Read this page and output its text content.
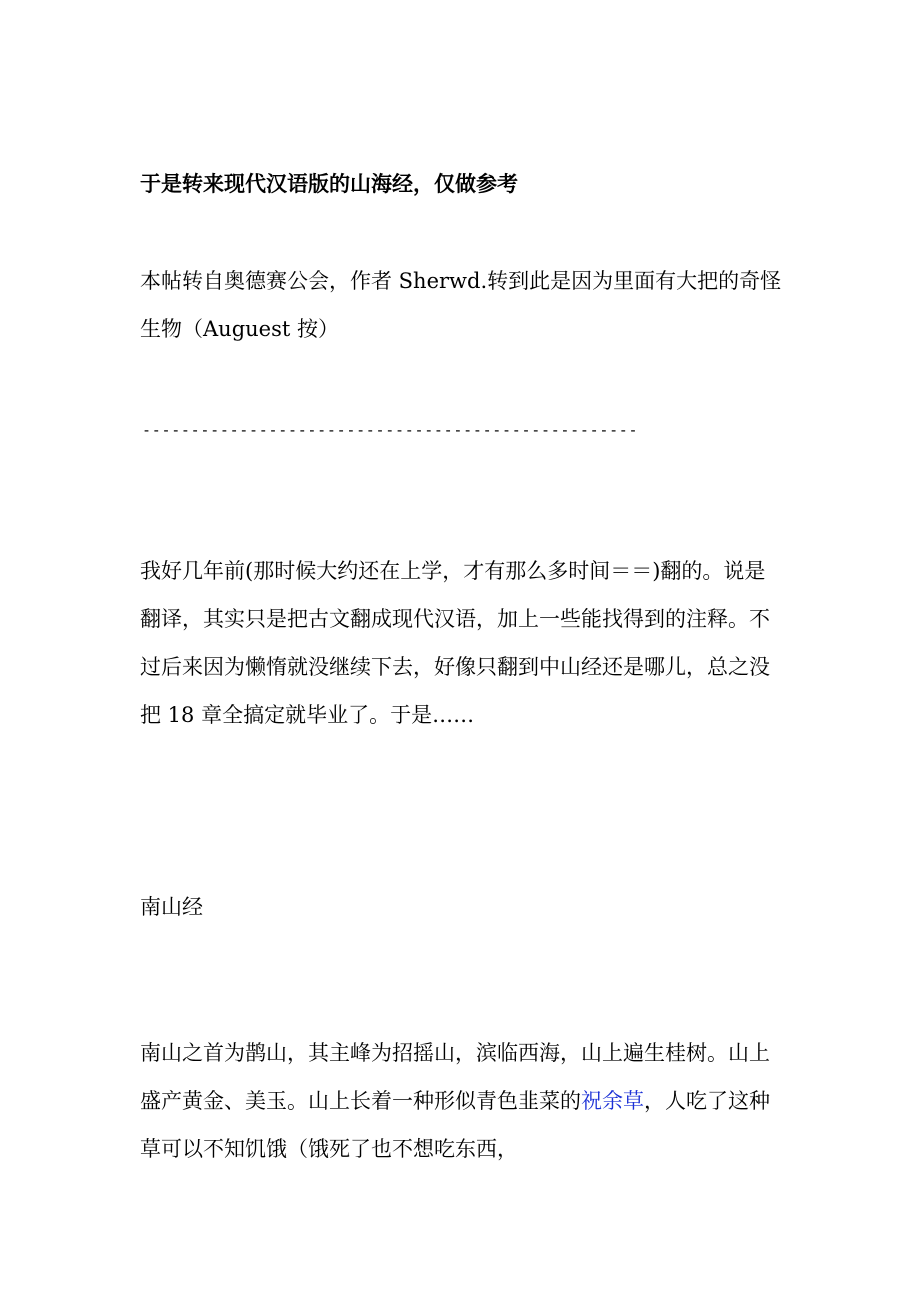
于是转来现代汉语版的山海经，仅做参考
本帖转自奥德赛公会，作者 Sherwd.转到此是因为里面有大把的奇怪生物（Auguest 按）
---------------------------------------------------
我好几年前(那时候大约还在上学，才有那么多时间＝＝)翻的。说是翻译，其实只是把古文翻成现代汉语，加上一些能找得到的注释。不过后来因为懒惰就没继续下去，好像只翻到中山经还是哪儿，总之没把 18 章全搞定就毕业了。于是……
南山经
南山之首为鹊山，其主峰为招摇山，滨临西海，山上遍生桂树。山上盛产黄金、美玉。山上长着一种形似青色韭菜的祝余草，人吃了这种草可以不知饥饿（饿死了也不想吃东西，
